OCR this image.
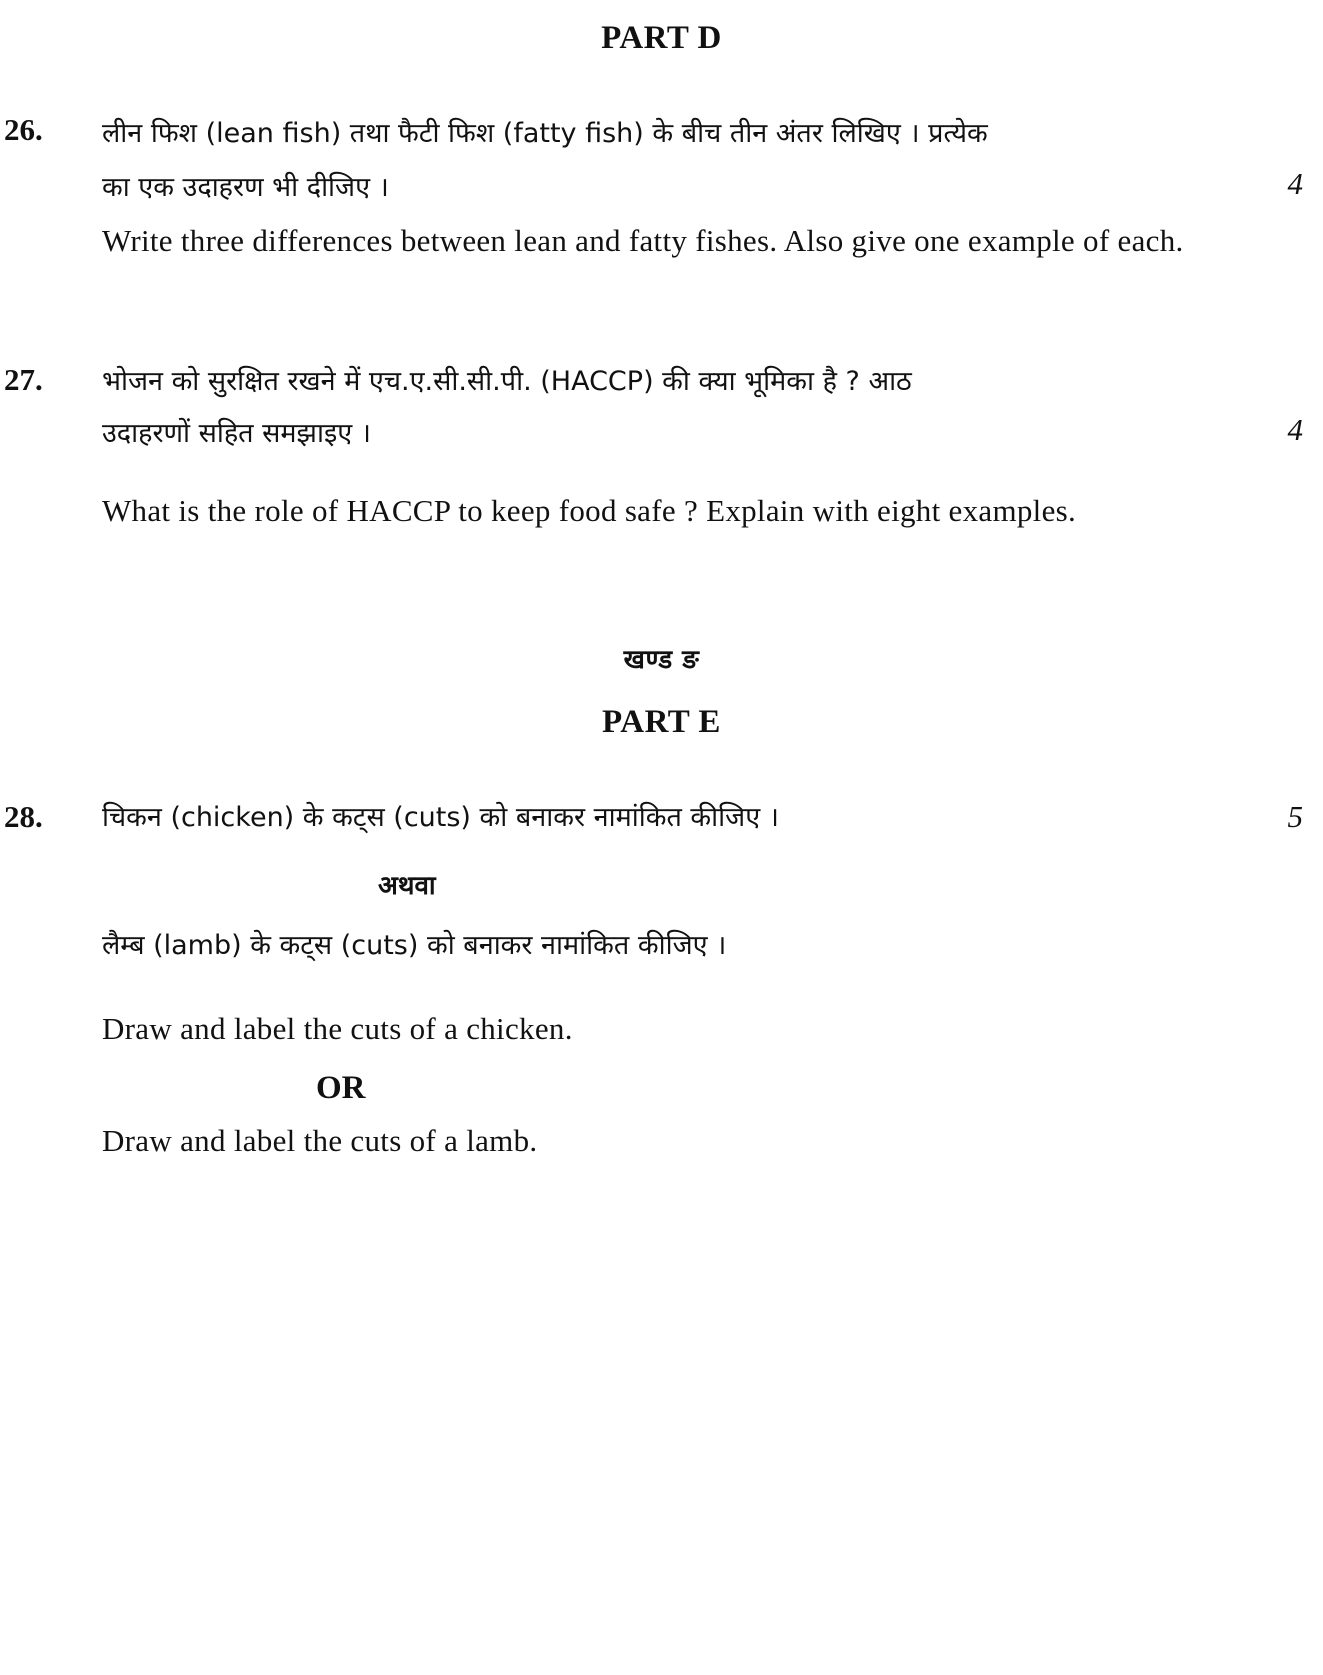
PART D
26. लीन फिश (lean fish) तथा फैटी फिश (fatty fish) के बीच तीन अंतर लिखिए । प्रत्येक
का एक उदाहरण भी दीजिए ।	4
Write three differences between lean and fatty fishes. Also give one example of each.
27. भोजन को सुरक्षित रखने में एच.ए.सी.सी.पी. (HACCP) की क्या भूमिका है ? आठ
उदाहरणों सहित समझाइए ।	4
What is the role of HACCP to keep food safe ? Explain with eight examples.
खण्ड ङ
PART E
28. चिकन (chicken) के कट्स (cuts) को बनाकर नामांकित कीजिए ।	5
अथवा
लैम्ब (lamb) के कट्स (cuts) को बनाकर नामांकित कीजिए ।
Draw and label the cuts of a chicken.
OR
Draw and label the cuts of a lamb.
